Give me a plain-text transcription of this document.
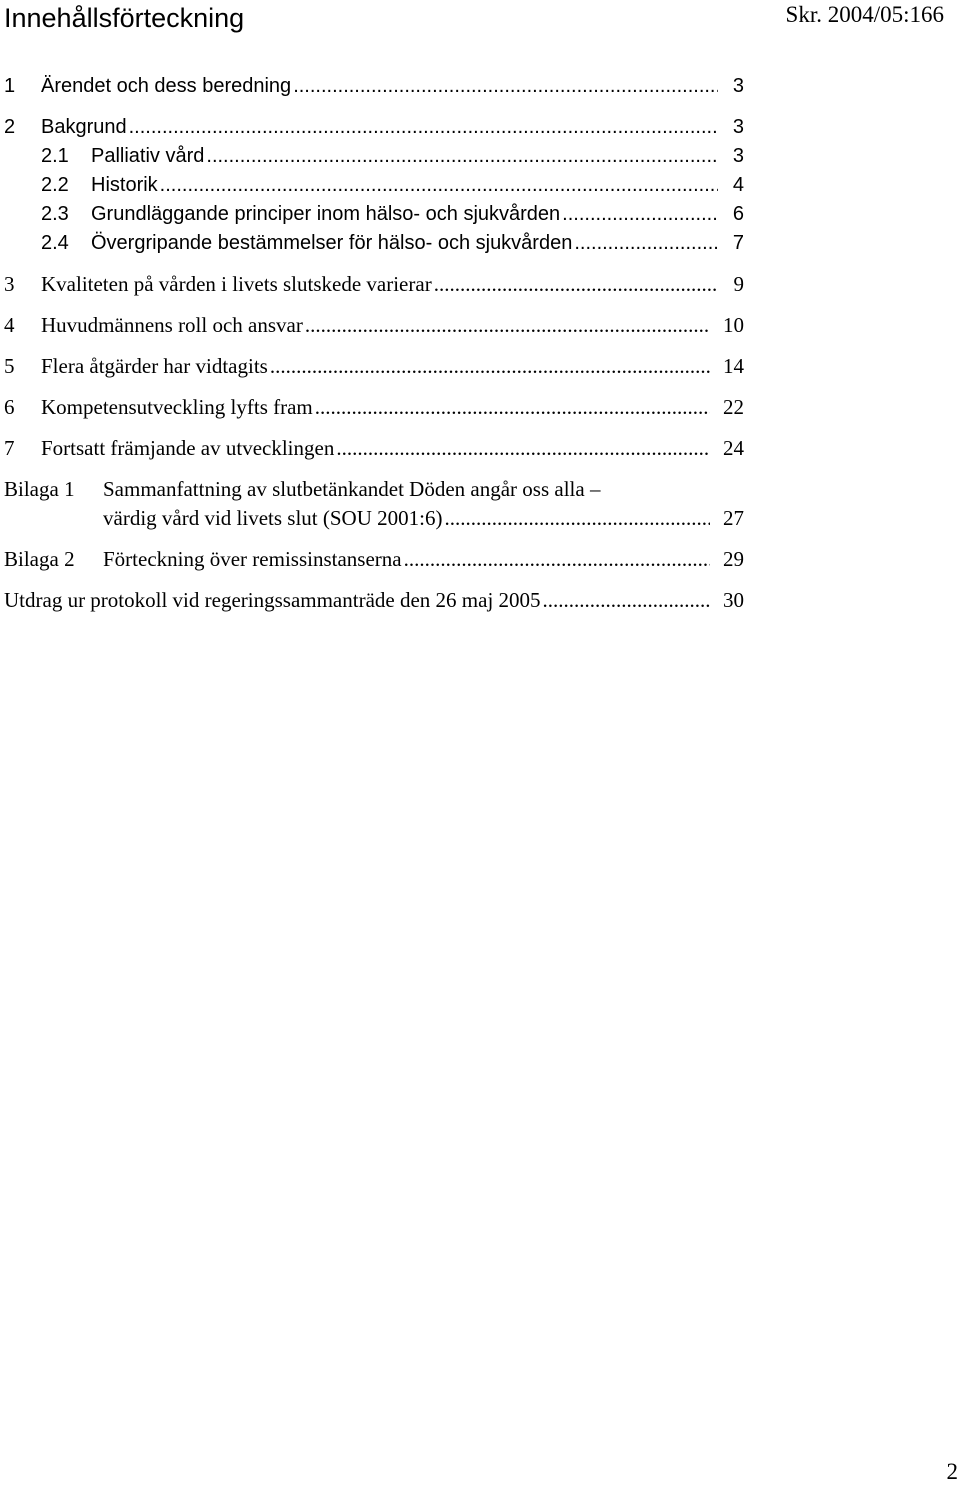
Innehållsförteckning	Skr. 2004/05:166
1 Ärendet och dess beredning .....	3
2 Bakgrund .....	3
2.1 Palliativ vård .....	3
2.2 Historik .....	4
2.3 Grundläggande principer inom hälso- och sjukvården .....	6
2.4 Övergripande bestämmelser för hälso- och sjukvården .....	7
3 Kvaliteten på vården i livets slutskede varierar .....	9
4 Huvudmännens roll och ansvar .....	10
5 Flera åtgärder har vidtagits .....	14
6 Kompetensutveckling lyfts fram .....	22
7 Fortsatt främjande av utvecklingen .....	24
Bilaga 1 Sammanfattning av slutbetänkandet Döden angår oss alla –
värdig vård vid livets slut (SOU 2001:6) .....	27
Bilaga 2 Förteckning över remissinstanserna .....	29
Utdrag ur protokoll vid regeringssammanträde den 26 maj 2005 .....	30
2
